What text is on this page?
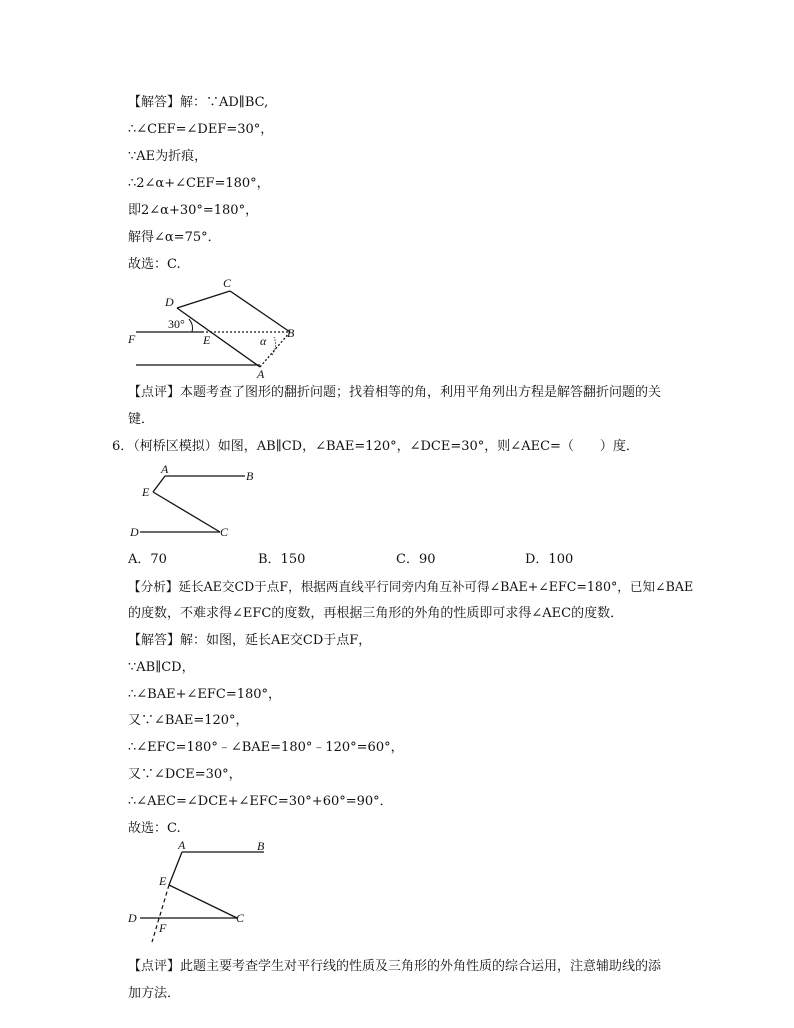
【解答】解：∵AD∥BC,
∴∠CEF=∠DEF=30°，
∵AE为折痕，
∴2∠α+∠CEF=180°，
即2∠α+30°=180°，
解得∠α=75°．
故选：C.
C
D
30°
F	E	B
α
A
【点评】本题考查了图形的翻折问题；找着相等的角，利用平角列出方程是解答翻折问题的关
键．
6．（柯桥区模拟）如图，AB∥CD，∠BAE=120°，∠DCE=30°，则∠AEC=（　　）度．
A	B
E
D	C
A．70	B．150	C．90	D．100
【分析】延长AE交CD于点F，根据两直线平行同旁内角互补可得∠BAE+∠EFC=180°，已知∠BAE
的度数，不难求得∠EFC的度数，再根据三角形的外角的性质即可求得∠AEC的度数．
【解答】解：如图，延长AE交CD于点F，
∵AB∥CD，
∴∠BAE+∠EFC=180°，
又∵∠BAE=120°，
∴∠EFC=180°﹣∠BAE=180°﹣120°=60°，
又∵∠DCE=30°，
∴∠AEC=∠DCE+∠EFC=30°+60°=90°．
故选：C.
A	B
E
D	C
F
【点评】此题主要考查学生对平行线的性质及三角形的外角性质的综合运用，注意辅助线的添
加方法．
